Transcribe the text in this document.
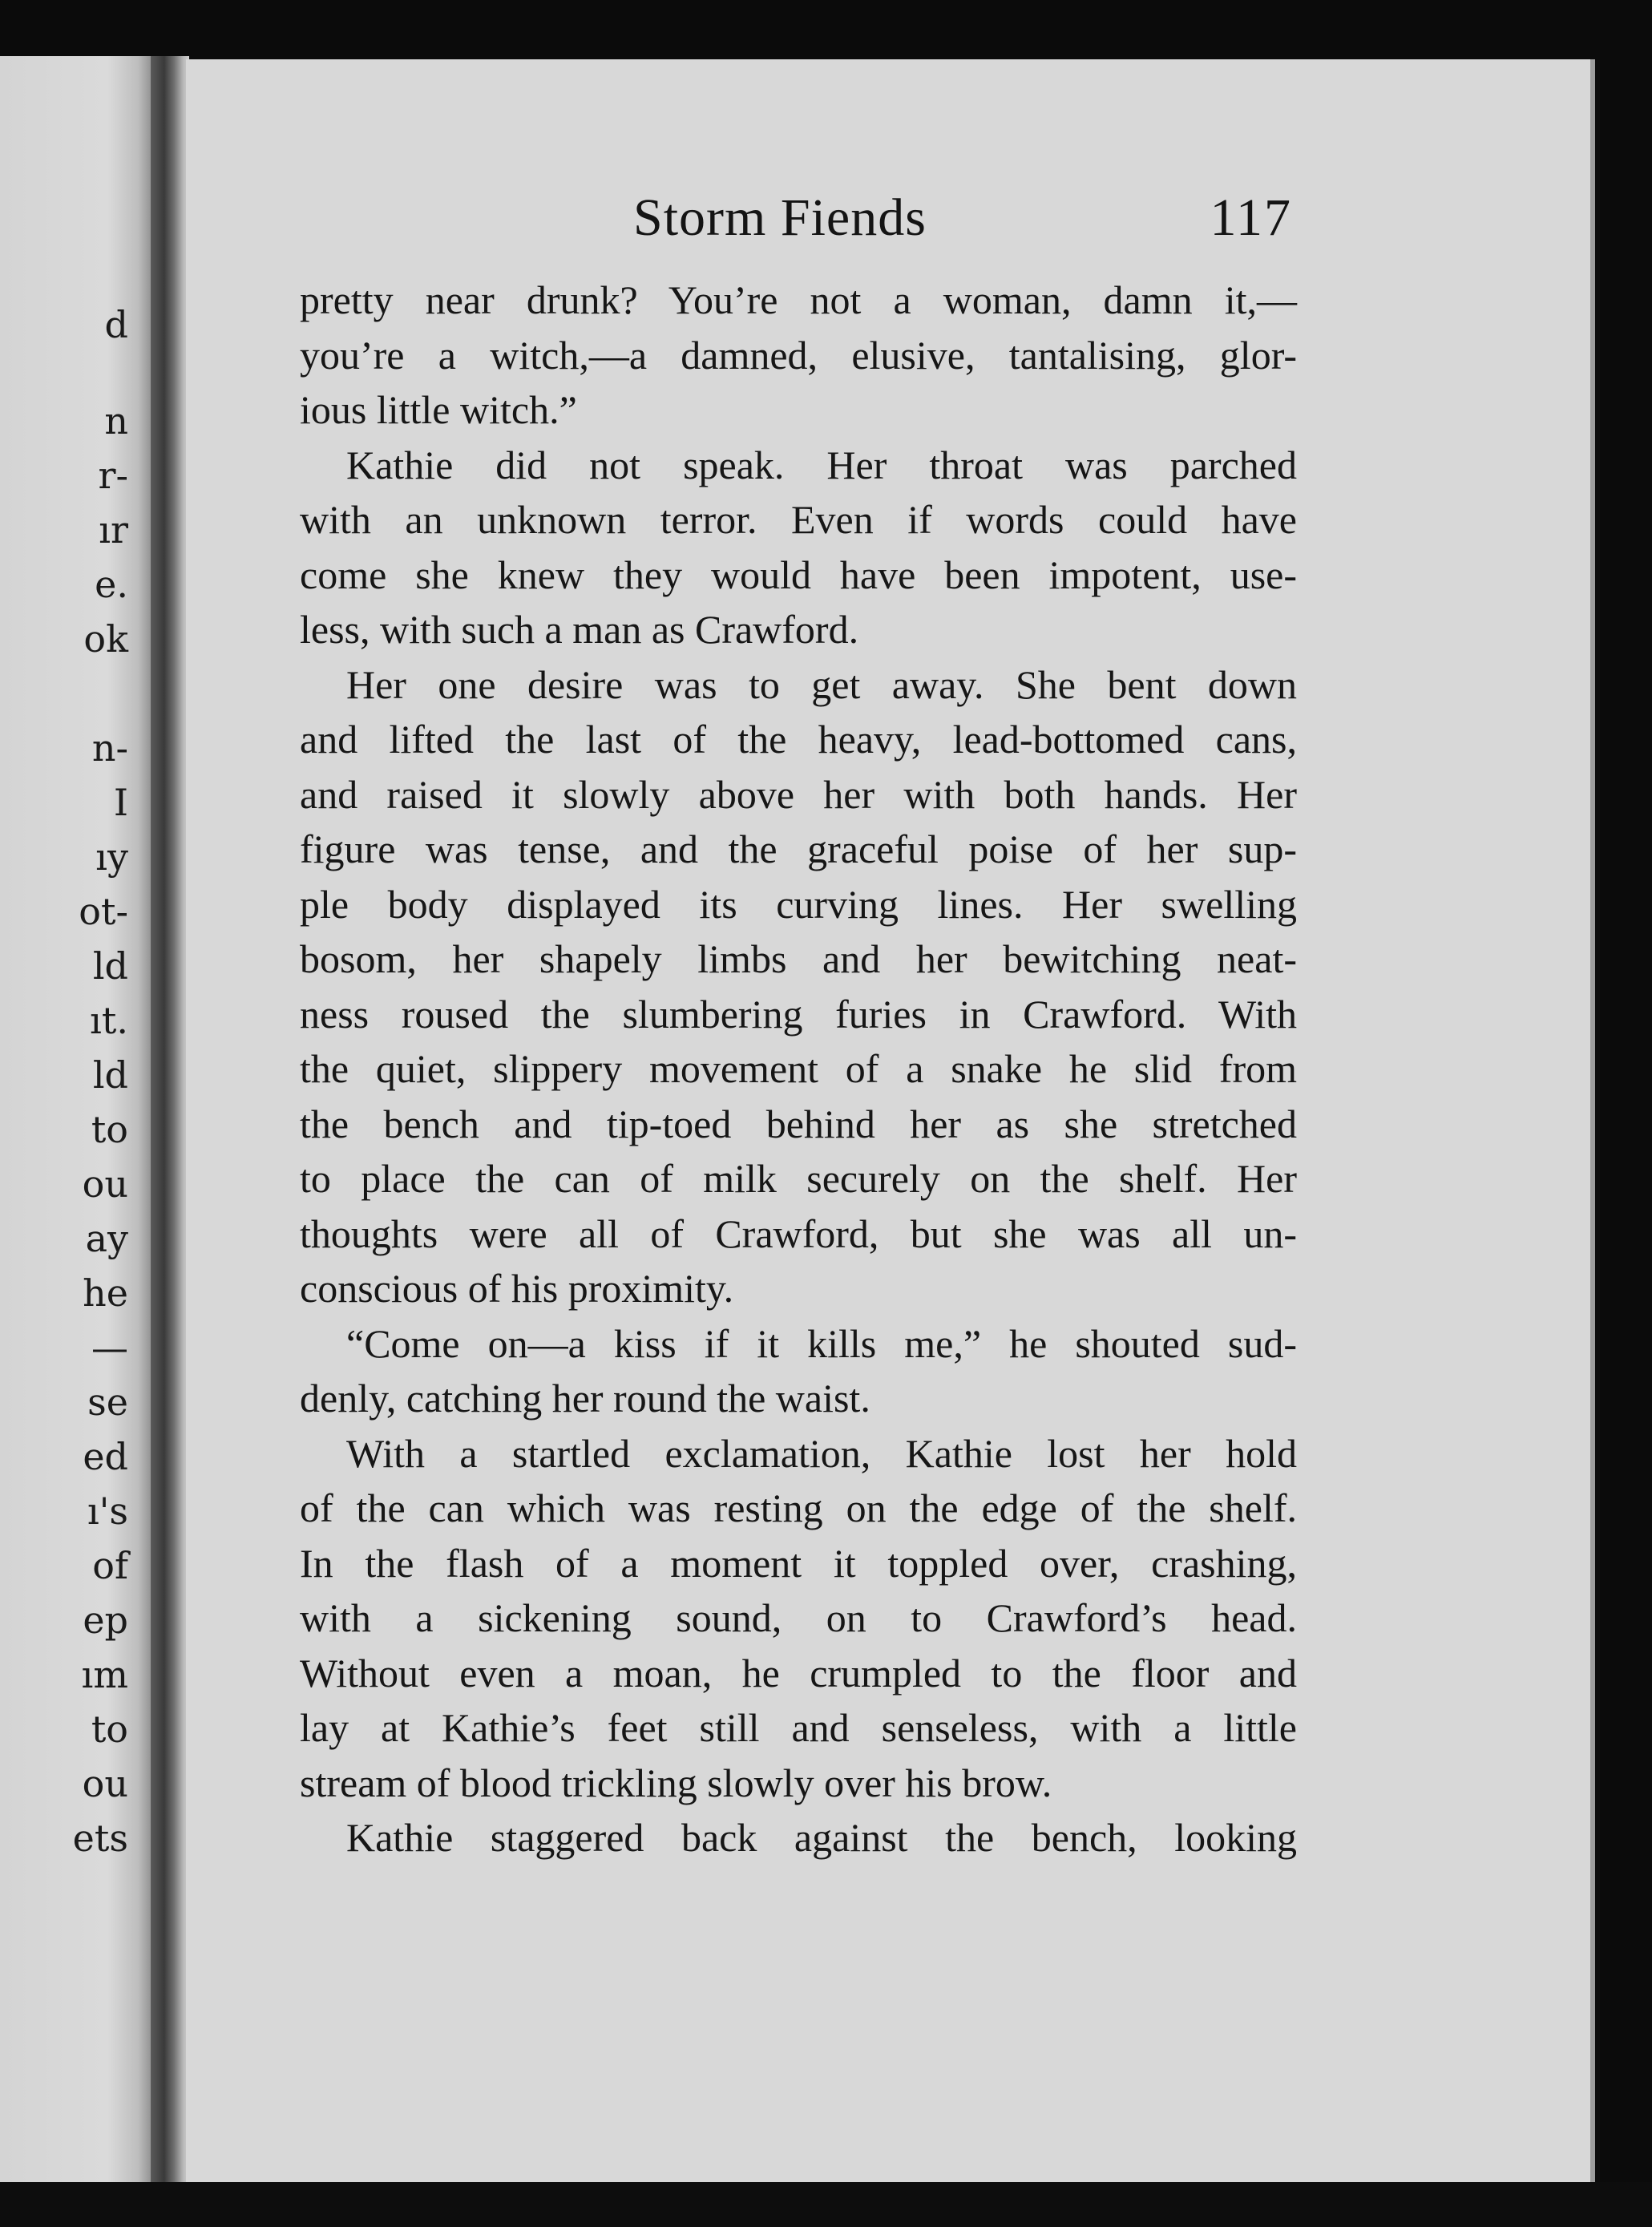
d
n
r-
ır
e.
ok
n-
I
ıy
ot-
ld
ıt.
ld
to
ou
ay
he
—
se
ed
ı's
of
ep
ım
to
ou
ets
Storm Fiends	117

pretty near drunk? You’re not a woman, damn it,—

you’re a witch,—a damned, elusive, tantalising, glor-

ious little witch.”

Kathie did not speak. Her throat was parched

with an unknown terror. Even if words could have

come she knew they would have been impotent, use-

less, with such a man as Crawford.

Her one desire was to get away. She bent down

and lifted the last of the heavy, lead-bottomed cans,

and raised it slowly above her with both hands. Her

figure was tense, and the graceful poise of her sup-

ple body displayed its curving lines. Her swelling

bosom, her shapely limbs and her bewitching neat-

ness roused the slumbering furies in Crawford. With

the quiet, slippery movement of a snake he slid from

the bench and tip-toed behind her as she stretched

to place the can of milk securely on the shelf. Her

thoughts were all of Crawford, but she was all un-

conscious of his proximity.

“Come on—a kiss if it kills me,” he shouted sud-

denly, catching her round the waist.

With a startled exclamation, Kathie lost her hold

of the can which was resting on the edge of the shelf.

In the flash of a moment it toppled over, crashing,

with a sickening sound, on to Crawford’s head.

Without even a moan, he crumpled to the floor and

lay at Kathie’s feet still and senseless, with a little

stream of blood trickling slowly over his brow.

Kathie staggered back against the bench, looking
